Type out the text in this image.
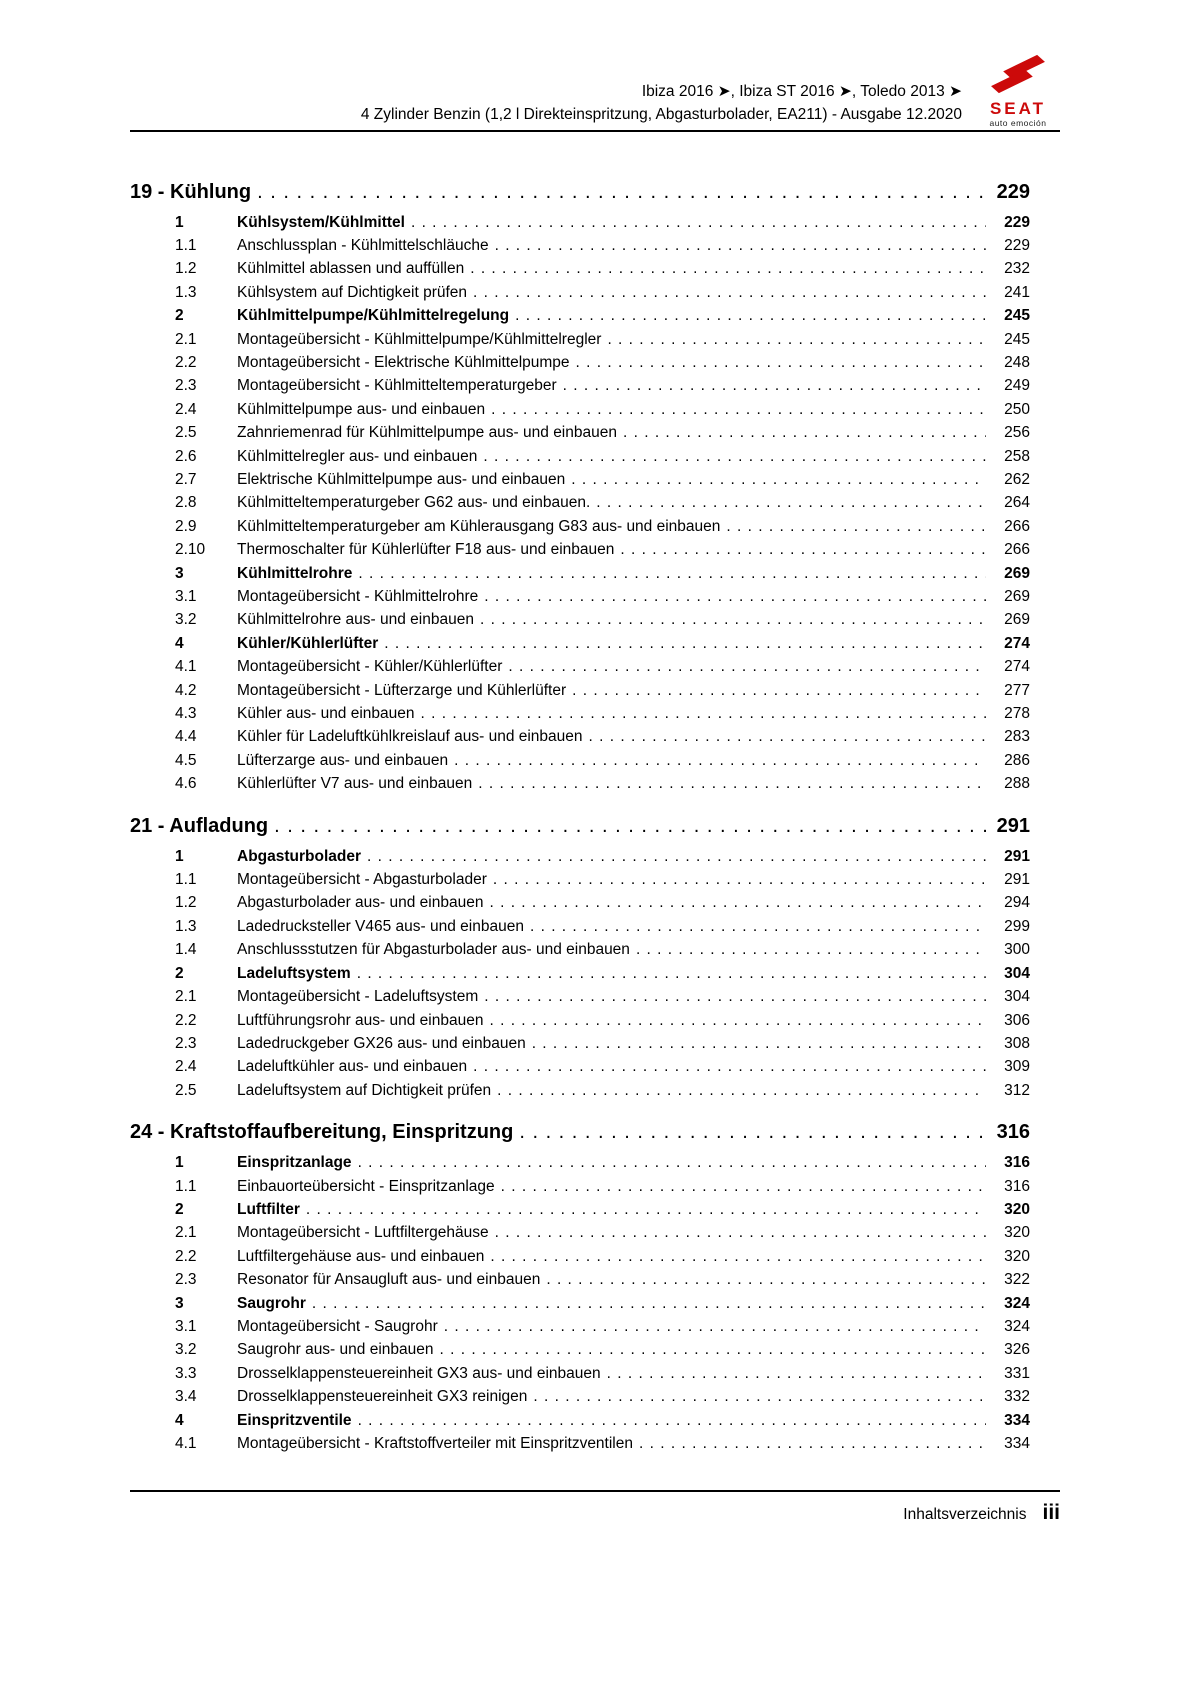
Ibiza 2016 ➤, Ibiza ST 2016 ➤, Toledo 2013 ➤
4 Zylinder Benzin (1,2 l Direkteinspritzung, Abgasturbolader, EA211) - Ausgabe 12.2020 SEAT
auto emoción
19 - Kühlung . . .	229
1	Kühlsystem/Kühlmittel . . .	229
1.1	Anschlussplan - Kühlmittelschläuche . . .	229
1.2	Kühlmittel ablassen und auffüllen . . .	232
1.3	Kühlsystem auf Dichtigkeit prüfen . . .	241
2	Kühlmittelpumpe/Kühlmittelregelung . . .	245
2.1	Montageübersicht - Kühlmittelpumpe/Kühlmittelregler . . .	245
2.2	Montageübersicht - Elektrische Kühlmittelpumpe . . .	248
2.3	Montageübersicht - Kühlmitteltemperaturgeber . . .	249
2.4	Kühlmittelpumpe aus- und einbauen . . .	250
2.5	Zahnriemenrad für Kühlmittelpumpe aus- und einbauen . . .	256
2.6	Kühlmittelregler aus- und einbauen . . .	258
2.7	Elektrische Kühlmittelpumpe aus- und einbauen . . .	262
2.8	Kühlmitteltemperaturgeber G62 aus- und einbauen. . . .	264
2.9	Kühlmitteltemperaturgeber am Kühlerausgang G83 aus- und einbauen . . .	266
2.10	Thermoschalter für Kühlerlüfter F18 aus- und einbauen . . .	266
3	Kühlmittelrohre . . .	269
3.1	Montageübersicht - Kühlmittelrohre . . .	269
3.2	Kühlmittelrohre aus- und einbauen . . .	269
4	Kühler/Kühlerlüfter . . .	274
4.1	Montageübersicht - Kühler/Kühlerlüfter . . .	274
4.2	Montageübersicht - Lüfterzarge und Kühlerlüfter . . .	277
4.3	Kühler aus- und einbauen . . .	278
4.4	Kühler für Ladeluftkühlkreislauf aus- und einbauen . . .	283
4.5	Lüfterzarge aus- und einbauen . . .	286
4.6	Kühlerlüfter V7 aus- und einbauen . . .	288
21 - Aufladung . . .	291
1	Abgasturbolader . . .	291
1.1	Montageübersicht - Abgasturbolader . . .	291
1.2	Abgasturbolader aus- und einbauen . . .	294
1.3	Ladedrucksteller V465 aus- und einbauen . . .	299
1.4	Anschlussstutzen für Abgasturbolader aus- und einbauen . . .	300
2	Ladeluftsystem . . .	304
2.1	Montageübersicht - Ladeluftsystem . . .	304
2.2	Luftführungsrohr aus- und einbauen . . .	306
2.3	Ladedruckgeber GX26 aus- und einbauen . . .	308
2.4	Ladeluftkühler aus- und einbauen . . .	309
2.5	Ladeluftsystem auf Dichtigkeit prüfen . . .	312
24 - Kraftstoffaufbereitung, Einspritzung . . .	316
1	Einspritzanlage . . .	316
1.1	Einbauorteübersicht - Einspritzanlage . . .	316
2	Luftfilter . . .	320
2.1	Montageübersicht - Luftfiltergehäuse . . .	320
2.2	Luftfiltergehäuse aus- und einbauen . . .	320
2.3	Resonator für Ansaugluft aus- und einbauen . . .	322
3	Saugrohr . . .	324
3.1	Montageübersicht - Saugrohr . . .	324
3.2	Saugrohr aus- und einbauen . . .	326
3.3	Drosselklappensteuereinheit GX3 aus- und einbauen . . .	331
3.4	Drosselklappensteuereinheit GX3 reinigen . . .	332
4	Einspritzventile . . .	334
4.1	Montageübersicht - Kraftstoffverteiler mit Einspritzventilen . . .	334
Inhaltsverzeichnis iii
